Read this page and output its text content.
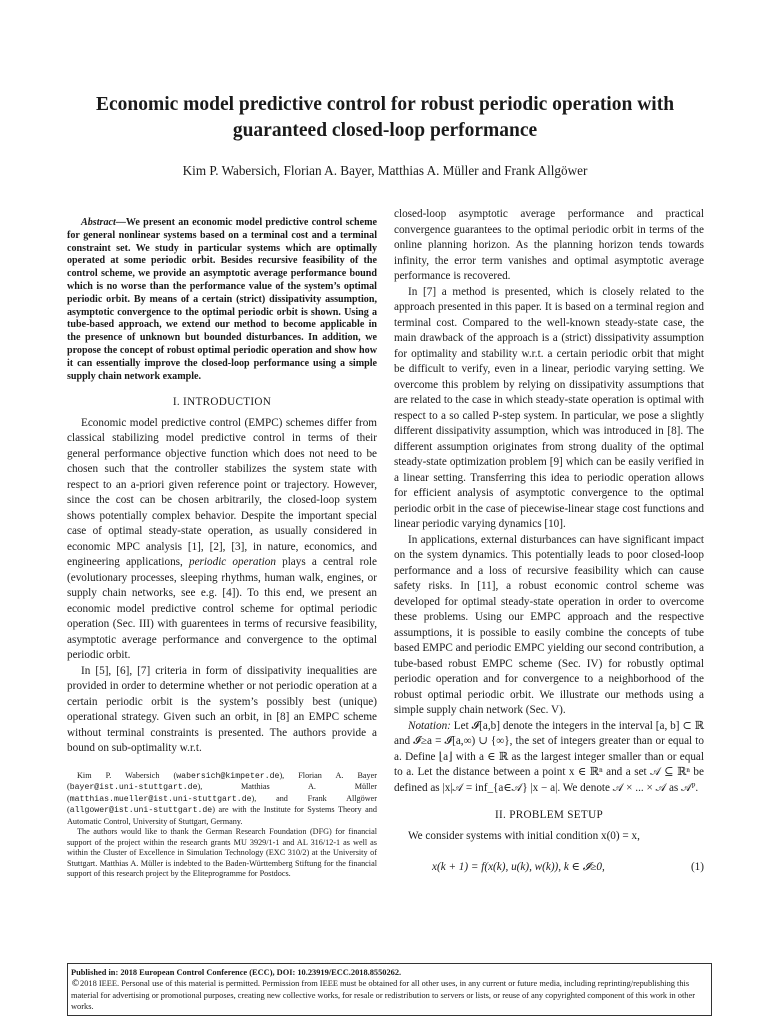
Economic model predictive control for robust periodic operation with
guaranteed closed-loop performance
Kim P. Wabersich, Florian A. Bayer, Matthias A. Müller and Frank Allgöwer

Abstract—We present an economic model predictive control scheme for general nonlinear systems based on a terminal cost and a terminal constraint set. We study in particular systems which are optimally operated at some periodic orbit. Besides recursive feasibility of the control scheme, we provide an asymptotic average performance bound which is no worse than the performance value of the system’s optimal periodic orbit. By means of a certain (strict) dissipativity assumption, asymptotic convergence to the optimal periodic orbit is shown. Using a tube-based approach, we extend our method to become applicable in the presence of unknown but bounded disturbances. In addition, we propose the concept of robust optimal periodic operation and show how it can essentially improve the closed-loop performance using a simple supply chain network example.

I. INTRODUCTION

Economic model predictive control (EMPC) schemes differ from classical stabilizing model predictive control in terms of their general performance objective function which does not need to be chosen such that the controller stabilizes the system state with respect to an a-priori given reference point or trajectory. However, since the cost can be chosen arbitrarily, the closed-loop system shows potentially complex behavior. Despite the important special case of optimal steady-state operation, as usually considered in economic MPC analysis [1], [2], [3], in nature, economics, and engineering applications, periodic operation plays a central role (evolutionary processes, sleeping rhythms, human walk, engines, or supply chain networks, see e.g. [4]). To this end, we present an economic model predictive control scheme for optimal periodic operation (Sec. III) with guarentees in terms of recursive feasibility, asymptotic average performance and convergence to the optimal periodic orbit.

In [5], [6], [7] criteria in form of dissipativity inequalities are provided in order to determine whether or not periodic operation at a certain periodic orbit is the system’s possibly best (unique) operational strategy. Given such an orbit, in [8] an EMPC scheme without terminal constraints is presented. The authors provide a bound on sub-optimality w.r.t.

Kim P. Wabersich (wabersich@kimpeter.de), Florian A. Bayer (bayer@ist.uni-stuttgart.de), Matthias A. Müller (matthias.mueller@ist.uni-stuttgart.de), and Frank Allgöwer (allgower@ist.uni-stuttgart.de) are with the Institute for Systems Theory and Automatic Control, University of Stuttgart, Germany.

The authors would like to thank the German Research Foundation (DFG) for financial support of the project within the research grants MU 3929/1-1 and AL 316/12-1 as well as within the Cluster of Excellence in Simulation Technology (EXC 310/2) at the University of Stuttgart. Matthias A. Müller is indebted to the Baden-Württemberg Stiftung for the financial support of this research project by the Eliteprogramme for Postdocs.

closed-loop asymptotic average performance and practical convergence guarantees to the optimal periodic orbit in terms of the online planning horizon. As the planning horizon tends towards infinity, the error term vanishes and optimal asymptotic average performance is recovered.

In [7] a method is presented, which is closely related to the approach presented in this paper. It is based on a terminal region and terminal cost. Compared to the well-known steady-state case, the main drawback of the approach is a (strict) dissipativity assumption for optimality and stability w.r.t. a certain periodic orbit that might be difficult to verify, even in a linear, periodic varying setting. We overcome this problem by relying on dissipativity assumptions that are related to the case in which steady-state operation is optimal with respect to a so called P-step system. In particular, we pose a slightly different dissipativity assumption, which was introduced in [8]. The different assumption originates from strong duality of the optimal steady-state optimization problem [9] which can be easily verified in a linear setting. Transferring this idea to periodic operation allows for efficient analysis of asymptotic convergence to the optimal periodic orbit in the case of piecewise-linear stage cost functions and linear periodic varying dynamics [10].

In applications, external disturbances can have significant impact on the system dynamics. This potentially leads to poor closed-loop performance and a loss of recursive feasibility which can cause safety risks. In [11], a robust economic control scheme was developed for optimal steady-state operation in order to overcome these problems. Using our EMPC approach and the respective assumptions, it is possible to easily combine the concepts of tube based EMPC and periodic EMPC yielding our second contribution, a tube-based robust EMPC scheme (Sec. IV) for robustly optimal periodic operation and for convergence to a neighborhood of the robust optimal periodic orbit. We illustrate our methods using a simple supply chain network (Sec. V).

Notation: Let 𝓘[a,b] denote the integers in the interval [a, b] ⊂ ℝ and 𝓘≥a = 𝓘[a,∞) ∪ {∞}, the set of integers greater than or equal to a. Define ⌊a⌋ with a ∈ ℝ as the largest integer smaller than or equal to a. Let the distance between a point x ∈ ℝⁿ and a set 𝒜 ⊆ ℝⁿ be defined as |x|𝒜 = inf_{a∈𝒜} |x − a|. We denote 𝒜 × ... × 𝒜 as 𝒜ᴾ.

II. PROBLEM SETUP

We consider systems with initial condition x(0) = x,

x(k + 1) = f(x(k), u(k), w(k)), k ∈ 𝓘≥0,	(1)

Published in: 2018 European Control Conference (ECC), DOI: 10.23919/ECC.2018.8550262.
©2018 IEEE. Personal use of this material is permitted. Permission from IEEE must be obtained for all other uses, in any current or future media, including reprinting/republishing this material for advertising or promotional purposes, creating new collective works, for resale or redistribution to servers or lists, or reuse of any copyrighted component of this work in other works.
